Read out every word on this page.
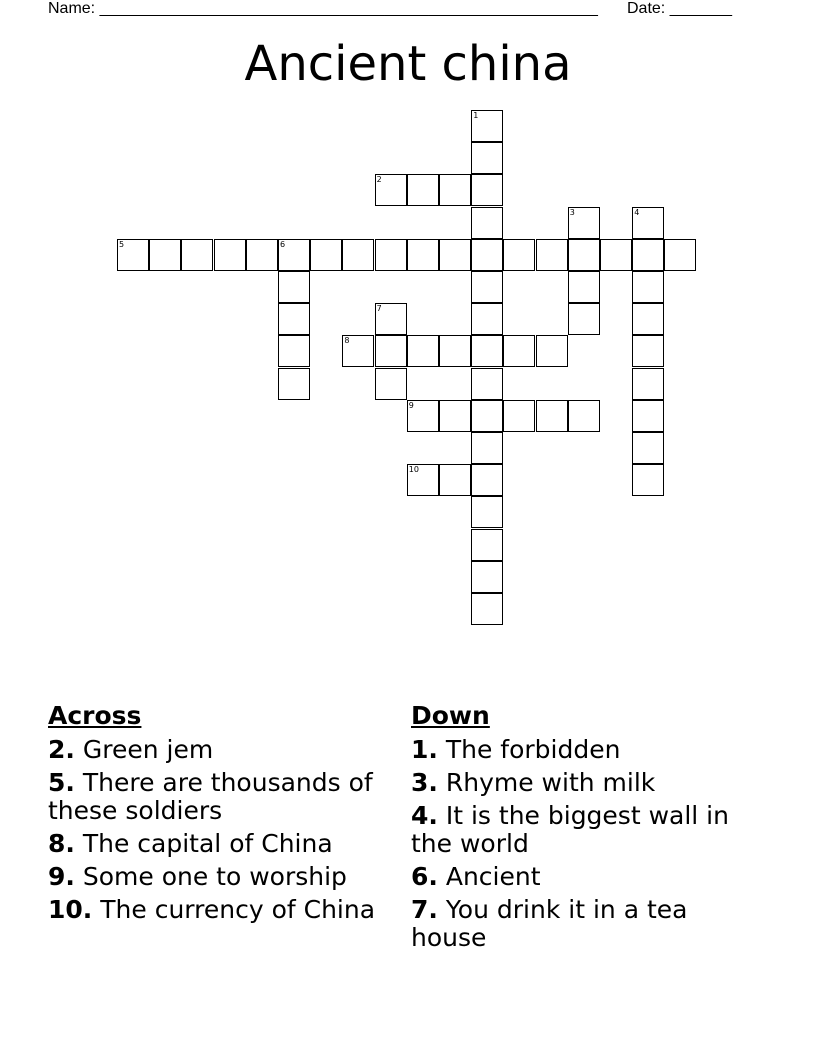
Name: ________________________________________________________ Date: _______
Ancient china
1
2
3	4
5	6
7
8
9
10
Across
2. Green jem
5. There are thousands of these soldiers
8. The capital of China
9. Some one to worship
10. The currency of China
Down
1. The forbidden
3. Rhyme with milk
4. It is the biggest wall in the world
6. Ancient
7. You drink it in a tea house
